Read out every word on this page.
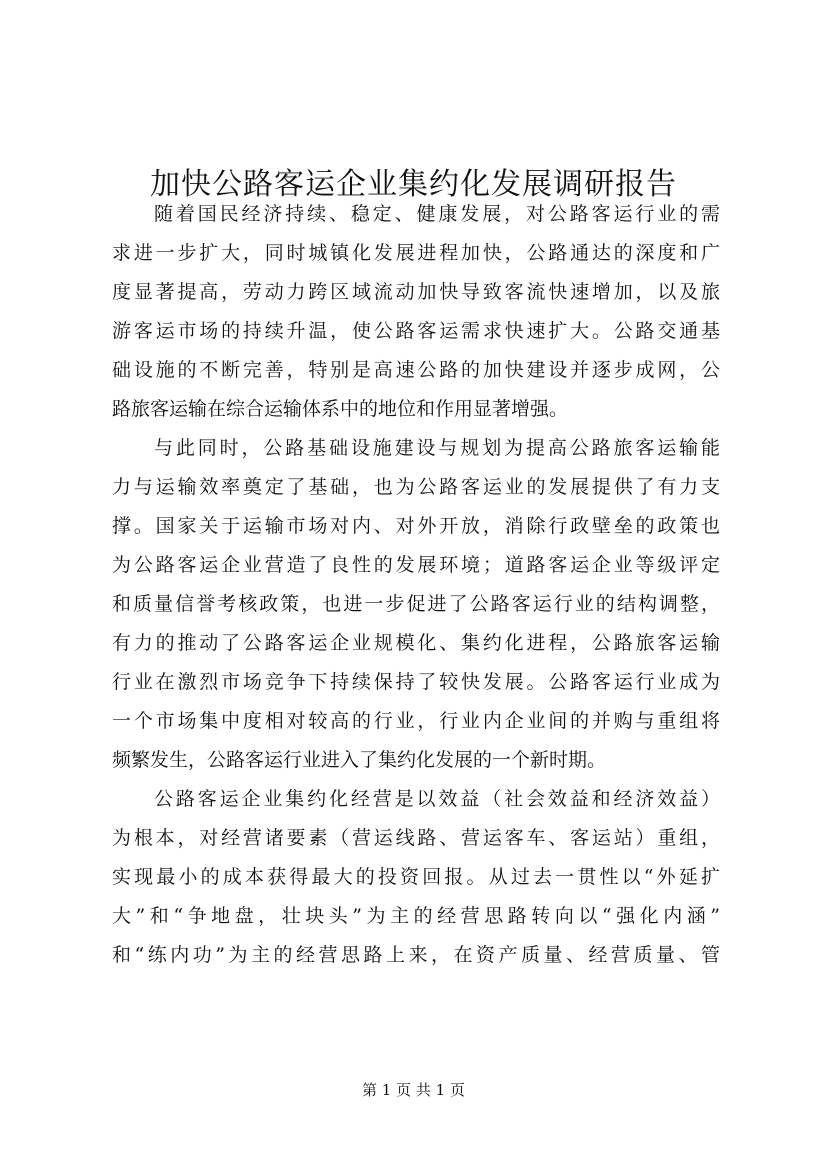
加快公路客运企业集约化发展调研报告
随着国民经济持续、稳定、健康发展，对公路客运行业的需
求进一步扩大，同时城镇化发展进程加快，公路通达的深度和广
度显著提高，劳动力跨区域流动加快导致客流快速增加，以及旅
游客运市场的持续升温，使公路客运需求快速扩大。公路交通基
础设施的不断完善，特别是高速公路的加快建设并逐步成网，公
路旅客运输在综合运输体系中的地位和作用显著增强。
与此同时，公路基础设施建设与规划为提高公路旅客运输能
力与运输效率奠定了基础，也为公路客运业的发展提供了有力支
撑。国家关于运输市场对内、对外开放，消除行政壁垒的政策也
为公路客运企业营造了良性的发展环境；道路客运企业等级评定
和质量信誉考核政策，也进一步促进了公路客运行业的结构调整，
有力的推动了公路客运企业规模化、集约化进程，公路旅客运输
行业在激烈市场竞争下持续保持了较快发展。公路客运行业成为
一个市场集中度相对较高的行业，行业内企业间的并购与重组将
频繁发生，公路客运行业进入了集约化发展的一个新时期。
公路客运企业集约化经营是以效益（社会效益和经济效益）
为根本，对经营诸要素（营运线路、营运客车、客运站）重组，
实现最小的成本获得最大的投资回报。从过去一贯性以“外延扩
大”和“争地盘，壮块头”为主的经营思路转向以“强化内涵”
和“练内功”为主的经营思路上来，在资产质量、经营质量、管
第 1 页 共 1 页
